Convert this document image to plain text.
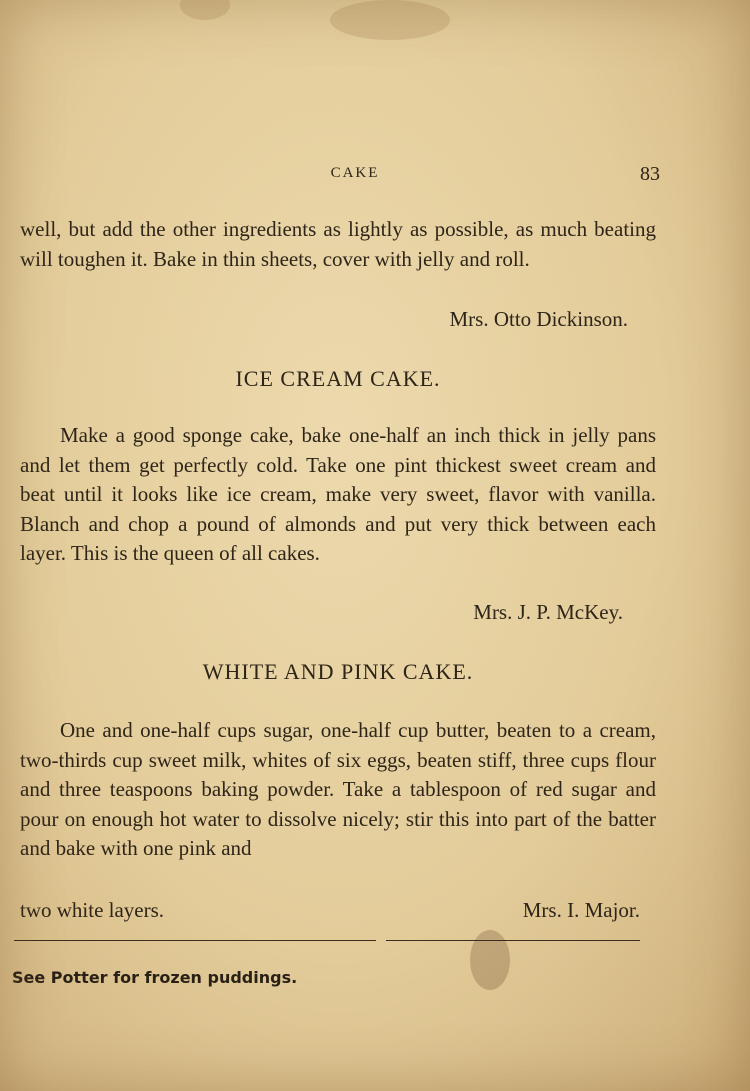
CAKE	83

well, but add the other ingredients as lightly as possible, as much beating will toughen it. Bake in thin sheets, cover with jelly and roll.

Mrs. Otto Dickinson.
ICE CREAM CAKE.

Make a good sponge cake, bake one-half an inch thick in jelly pans and let them get perfectly cold. Take one pint thickest sweet cream and beat until it looks like ice cream, make very sweet, flavor with vanilla. Blanch and chop a pound of almonds and put very thick between each layer. This is the queen of all cakes.

Mrs. J. P. McKey.
WHITE AND PINK CAKE.

One and one-half cups sugar, one-half cup butter, beaten to a cream, two-thirds cup sweet milk, whites of six eggs, beaten stiff, three cups flour and three teaspoons baking powder. Take a tablespoon of red sugar and pour on enough hot water to dissolve nicely; stir this into part of the batter and bake with one pink and

two white layers.	Mrs. I. Major.
See Potter for frozen puddings.
